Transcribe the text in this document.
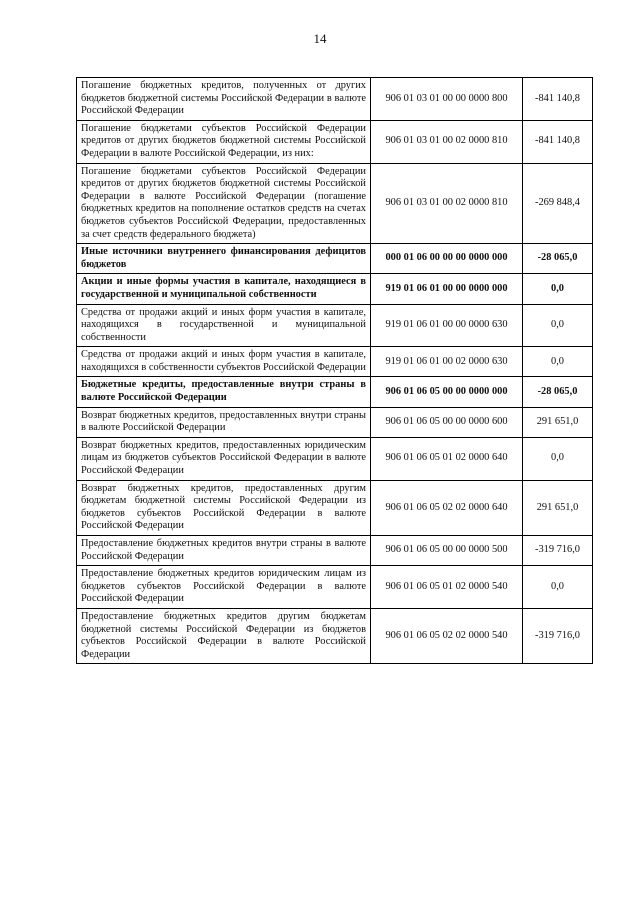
14
Погашение бюджетных кредитов, полученных от других бюджетов бюджетной системы Российской Федерации в валюте Российской Федерации	906 01 03 01 00 00 0000 800	-841 140,8
Погашение бюджетами субъектов Российской Федерации кредитов от других бюджетов бюджетной системы Российской Федерации в валюте Российской Федерации, из них:	906 01 03 01 00 02 0000 810	-841 140,8
Погашение бюджетами субъектов Российской Федерации кредитов от других бюджетов бюджетной системы Российской Федерации в валюте Российской Федерации (погашение бюджетных кредитов на пополнение остатков средств на счетах бюджетов субъектов Российской Федерации, предоставленных за счет средств федерального бюджета)	906 01 03 01 00 02 0000 810	-269 848,4
Иные источники внутреннего финансирования дефицитов бюджетов	000 01 06 00 00 00 0000 000	-28 065,0
Акции и иные формы участия в капитале, находящиеся в государственной и муниципальной собственности	919 01 06 01 00 00 0000 000	0,0
Средства от продажи акций и иных форм участия в капитале, находящихся в государственной и муниципальной собственности	919 01 06 01 00 00 0000 630	0,0
Средства от продажи акций и иных форм участия в капитале, находящихся в собственности субъектов Российской Федерации	919 01 06 01 00 02 0000 630	0,0
Бюджетные кредиты, предоставленные внутри страны в валюте Российской Федерации	906 01 06 05 00 00 0000 000	-28 065,0
Возврат бюджетных кредитов, предоставленных внутри страны в валюте Российской Федерации	906 01 06 05 00 00 0000 600	291 651,0
Возврат бюджетных кредитов, предоставленных юридическим лицам из бюджетов субъектов Российской Федерации в валюте Российской Федерации	906 01 06 05 01 02 0000 640	0,0
Возврат бюджетных кредитов, предоставленных другим бюджетам бюджетной системы Российской Федерации из бюджетов субъектов Российской Федерации в валюте Российской Федерации	906 01 06 05 02 02 0000 640	291 651,0
Предоставление бюджетных кредитов внутри страны в валюте Российской Федерации	906 01 06 05 00 00 0000 500	-319 716,0
Предоставление бюджетных кредитов юридическим лицам из бюджетов субъектов Российской Федерации в валюте Российской Федерации	906 01 06 05 01 02 0000 540	0,0
Предоставление бюджетных кредитов другим бюджетам бюджетной системы Российской Федерации из бюджетов субъектов Российской Федерации в валюте Российской Федерации	906 01 06 05 02 02 0000 540	-319 716,0
